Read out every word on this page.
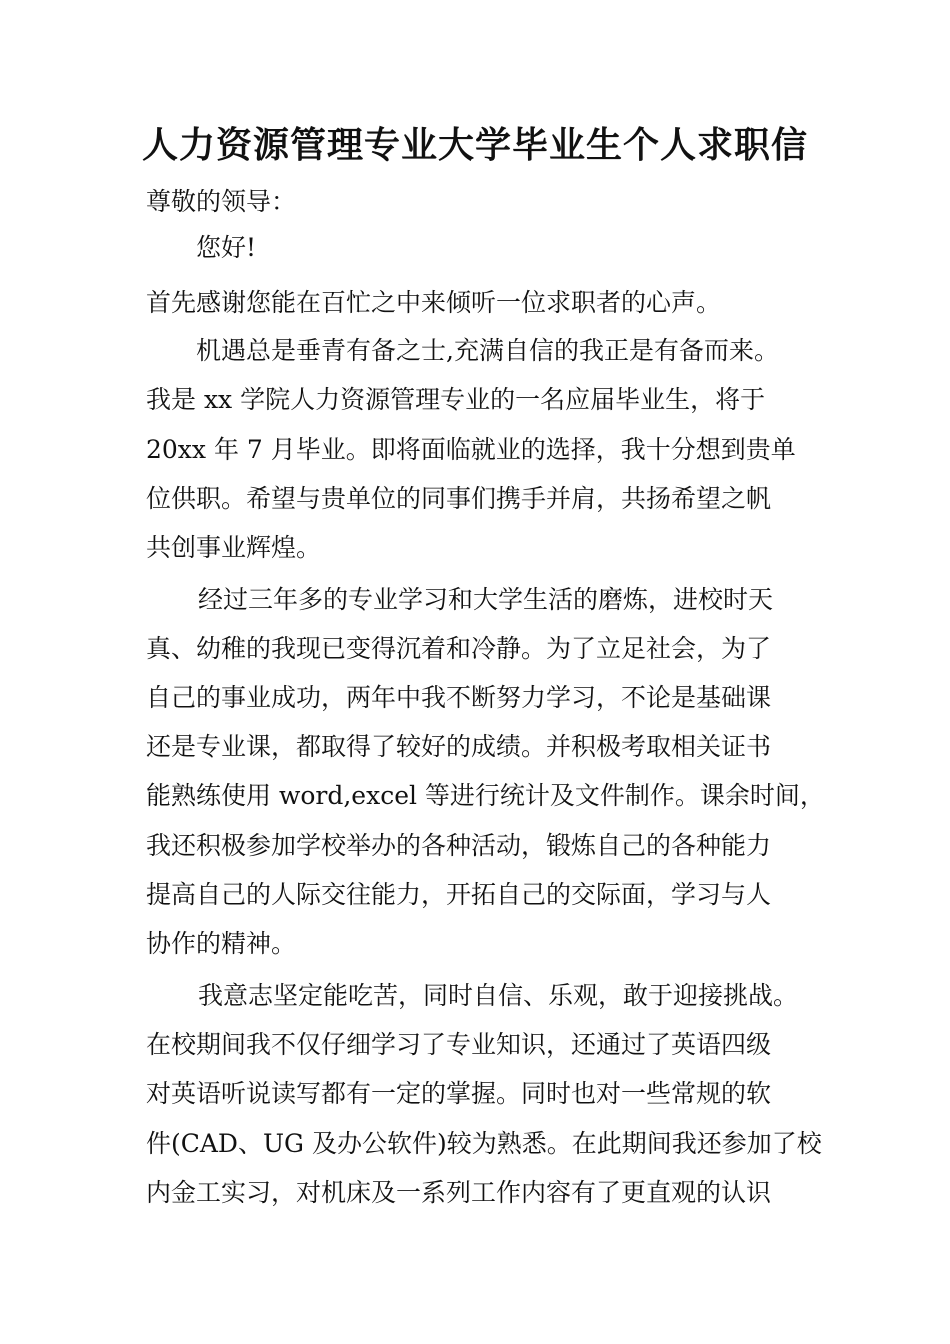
人力资源管理专业大学毕业生个人求职信
尊敬的领导：
您好!
首先感谢您能在百忙之中来倾听一位求职者的心声。
机遇总是垂青有备之士,充满自信的我正是有备而来。
我是 xx 学院人力资源管理专业的一名应届毕业生，将于
20xx 年 7 月毕业。即将面临就业的选择，我十分想到贵单
位供职。希望与贵单位的同事们携手并肩，共扬希望之帆
共创事业辉煌。
经过三年多的专业学习和大学生活的磨炼，进校时天
真、幼稚的我现已变得沉着和冷静。为了立足社会，为了
自己的事业成功，两年中我不断努力学习，不论是基础课
还是专业课，都取得了较好的成绩。并积极考取相关证书
能熟练使用 word,excel 等进行统计及文件制作。课余时间，
我还积极参加学校举办的各种活动，锻炼自己的各种能力
提高自己的人际交往能力，开拓自己的交际面，学习与人
协作的精神。
我意志坚定能吃苦，同时自信、乐观，敢于迎接挑战。
在校期间我不仅仔细学习了专业知识，还通过了英语四级
对英语听说读写都有一定的掌握。同时也对一些常规的软
件(CAD、UG 及办公软件)较为熟悉。在此期间我还参加了校
内金工实习，对机床及一系列工作内容有了更直观的认识
